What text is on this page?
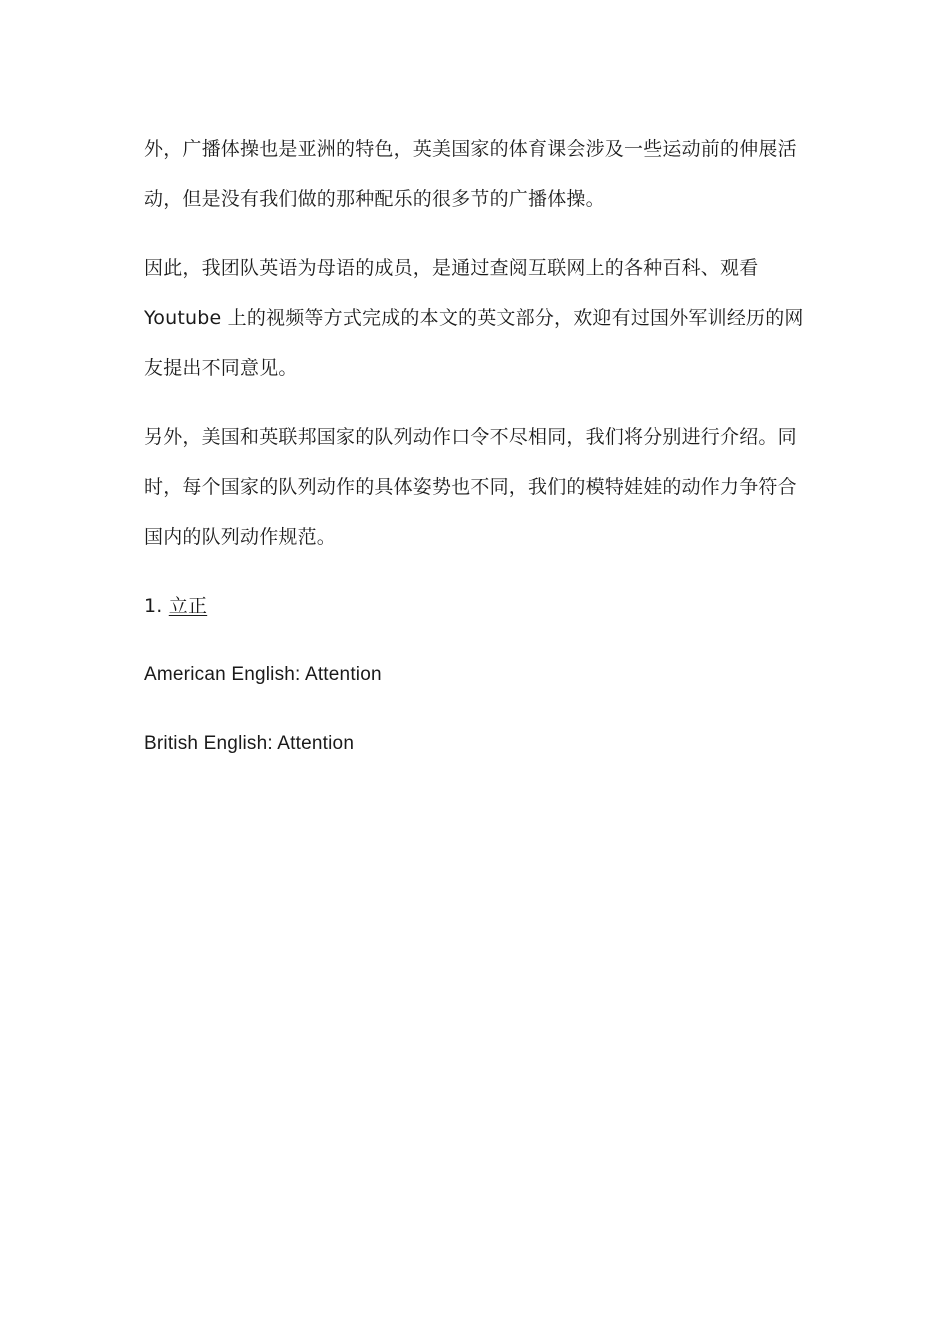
外，广播体操也是亚洲的特色，英美国家的体育课会涉及一些运动前的伸展活
动，但是没有我们做的那种配乐的很多节的广播体操。

因此，我团队英语为母语的成员，是通过查阅互联网上的各种百科、观看
Youtube 上的视频等方式完成的本文的英文部分，欢迎有过国外军训经历的网
友提出不同意见。

另外，美国和英联邦国家的队列动作口令不尽相同，我们将分别进行介绍。同
时，每个国家的队列动作的具体姿势也不同，我们的模特娃娃的动作力争符合
国内的队列动作规范。

1. 立正

American English: Attention

British English: Attention
